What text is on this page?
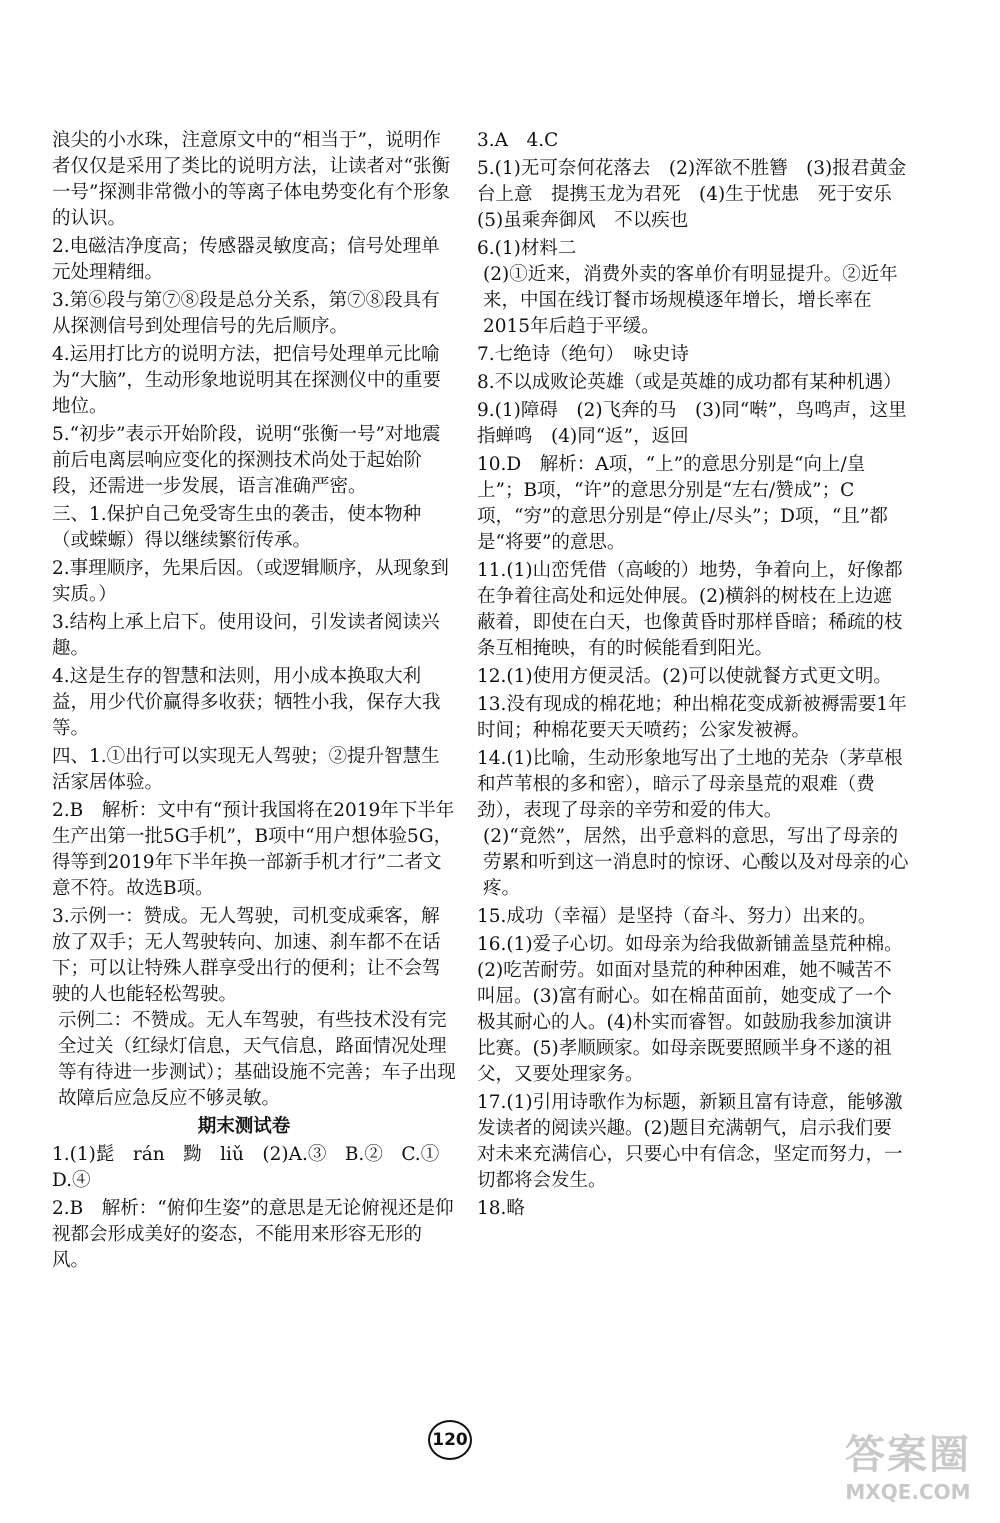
浪尖的小水珠，注意原文中的“相当于”，说明作者仅仅是采用了类比的说明方法，让读者对“张衡一号”探测非常微小的等离子体电势变化有个形象的认识。

2.电磁洁净度高；传感器灵敏度高；信号处理单元处理精细。

3.第⑥段与第⑦⑧段是总分关系，第⑦⑧段具有从探测信号到处理信号的先后顺序。

4.运用打比方的说明方法，把信号处理单元比喻为“大脑”，生动形象地说明其在探测仪中的重要地位。

5.“初步”表示开始阶段，说明“张衡一号”对地震前后电离层响应变化的探测技术尚处于起始阶段，还需进一步发展，语言准确严密。

三、1.保护自己免受寄生虫的袭击，使本物种（或蝾螈）得以继续繁衍传承。

2.事理顺序，先果后因。（或逻辑顺序，从现象到实质。）

3.结构上承上启下。使用设问，引发读者阅读兴趣。

4.这是生存的智慧和法则，用小成本换取大利益，用少代价赢得多收获；牺牲小我，保存大我等。

四、1.①出行可以实现无人驾驶；②提升智慧生活家居体验。

2.B　解析：文中有“预计我国将在2019年下半年生产出第一批5G手机”，B项中“用户想体验5G，得等到2019年下半年换一部新手机才行”二者文意不符。故选B项。

3.示例一：赞成。无人驾驶，司机变成乘客，解放了双手；无人驾驶转向、加速、刹车都不在话下；可以让特殊人群享受出行的便利；让不会驾驶的人也能轻松驾驶。

示例二：不赞成。无人车驾驶，有些技术没有完全过关（红绿灯信息，天气信息，路面情况处理等有待进一步测试）；基础设施不完善；车子出现故障后应急反应不够灵敏。

期末测试卷

1.(1)髭　rán　黝　liǔ　(2)A.③　B.②　C.①　D.④

2.B　解析：“俯仰生姿”的意思是无论俯视还是仰视都会形成美好的姿态，不能用来形容无形的风。

3.A　4.C

5.(1)无可奈何花落去　(2)浑欲不胜簪　(3)报君黄金台上意　提携玉龙为君死　(4)生于忧患　死于安乐　(5)虽乘奔御风　不以疾也

6.(1)材料二

(2)①近来，消费外卖的客单价有明显提升。②近年来，中国在线订餐市场规模逐年增长，增长率在2015年后趋于平缓。

7.七绝诗（绝句）　咏史诗

8.不以成败论英雄（或是英雄的成功都有某种机遇）

9.(1)障碍　(2)飞奔的马　(3)同“啭”，鸟鸣声，这里指蝉鸣　(4)同“返”，返回

10.D　解析：A项，“上”的意思分别是“向上/皇上”；B项，“许”的意思分别是“左右/赞成”；C项，“穷”的意思分别是“停止/尽头”；D项，“且”都是“将要”的意思。

11.(1)山峦凭借（高峻的）地势，争着向上，好像都在争着往高处和远处伸展。(2)横斜的树枝在上边遮蔽着，即使在白天，也像黄昏时那样昏暗；稀疏的枝条互相掩映，有的时候能看到阳光。

12.(1)使用方便灵活。(2)可以使就餐方式更文明。

13.没有现成的棉花地；种出棉花变成新被褥需要1年时间；种棉花要天天喷药；公家发被褥。

14.(1)比喻，生动形象地写出了土地的芜杂（茅草根和芦苇根的多和密），暗示了母亲垦荒的艰难（费劲），表现了母亲的辛劳和爱的伟大。

(2)“竟然”，居然，出乎意料的意思，写出了母亲的劳累和听到这一消息时的惊讶、心酸以及对母亲的心疼。

15.成功（幸福）是坚持（奋斗、努力）出来的。

16.(1)爱子心切。如母亲为给我做新铺盖垦荒种棉。(2)吃苦耐劳。如面对垦荒的种种困难，她不喊苦不叫屈。(3)富有耐心。如在棉苗面前，她变成了一个极其耐心的人。(4)朴实而睿智。如鼓励我参加演讲比赛。(5)孝顺顾家。如母亲既要照顾半身不遂的祖父，又要处理家务。

17.(1)引用诗歌作为标题，新颖且富有诗意，能够激发读者的阅读兴趣。(2)题目充满朝气，启示我们要对未来充满信心，只要心中有信念，坚定而努力，一切都将会发生。

18.略

120	答案圈
MXQE.COM
